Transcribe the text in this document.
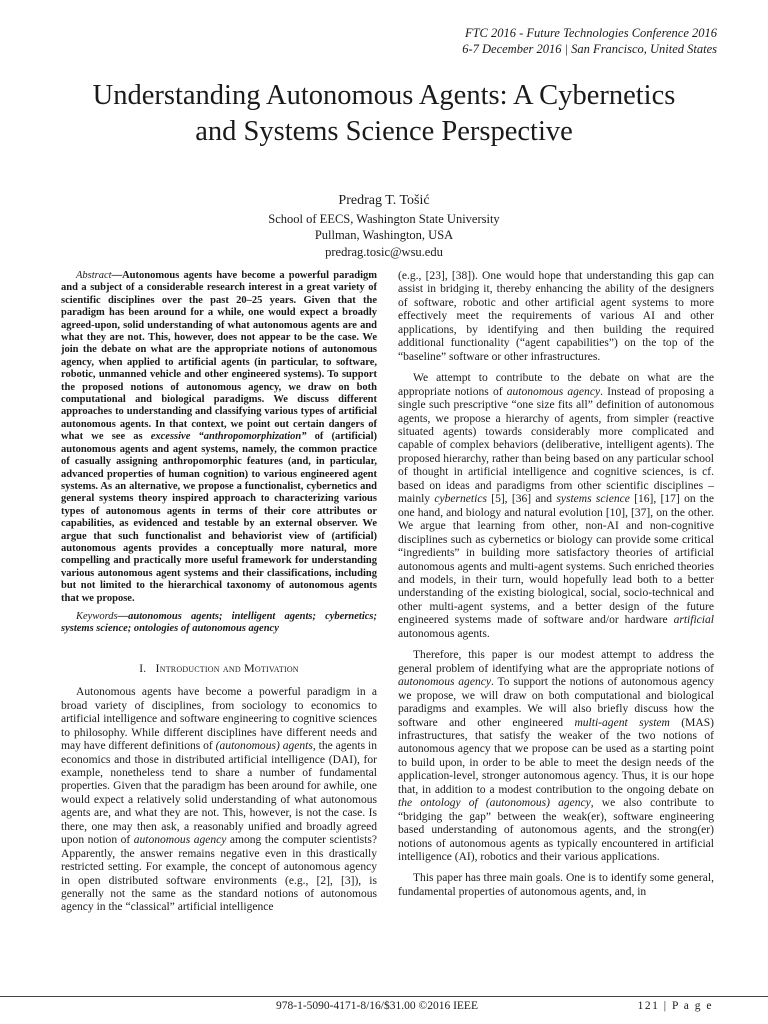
FTC 2016 - Future Technologies Conference 2016
6-7 December 2016 | San Francisco, United States
Understanding Autonomous Agents: A Cybernetics
and Systems Science Perspective
Predrag T. Tošić
School of EECS, Washington State University
Pullman, Washington, USA
predrag.tosic@wsu.edu

Abstract—Autonomous agents have become a powerful paradigm and a subject of a considerable research interest in a great variety of scientific disciplines over the past 20–25 years. Given that the paradigm has been around for a while, one would expect a broadly agreed-upon, solid understanding of what autonomous agents are and what they are not. This, however, does not appear to be the case. We join the debate on what are the appropriate notions of autonomous agency, when applied to artificial agents (in particular, to software, robotic, unmanned vehicle and other engineered systems). To support the proposed notions of autonomous agency, we draw on both computational and biological paradigms. We discuss different approaches to understanding and classifying various types of artificial autonomous agents. In that context, we point out certain dangers of what we see as excessive “anthropomorphization” of (artificial) autonomous agents and agent systems, namely, the common practice of casually assigning anthropomorphic features (and, in particular, advanced properties of human cognition) to various engineered agent systems. As an alternative, we propose a functionalist, cybernetics and general systems theory inspired approach to characterizing various types of autonomous agents in terms of their core attributes or capabilities, as evidenced and testable by an external observer. We argue that such functionalist and behaviorist view of (artificial) autonomous agents provides a conceptually more natural, more compelling and practically more useful framework for understanding various autonomous agent systems and their classifications, including but not limited to the hierarchical taxonomy of autonomous agents that we propose.

Keywords—autonomous agents; intelligent agents; cybernetics; systems science; ontologies of autonomous agency

I. Introduction and Motivation

Autonomous agents have become a powerful paradigm in a broad variety of disciplines, from sociology to economics to artificial intelligence and software engineering to cognitive sciences to philosophy. While different disciplines have different needs and may have different definitions of (autonomous) agents, the agents in economics and those in distributed artificial intelligence (DAI), for example, nonetheless tend to share a number of fundamental properties. Given that the paradigm has been around for awhile, one would expect a relatively solid understanding of what autonomous agents are, and what they are not. This, however, is not the case. Is there, one may then ask, a reasonably unified and broadly agreed upon notion of autonomous agency among the computer scientists? Apparently, the answer remains negative even in this drastically restricted setting. For example, the concept of autonomous agency in open distributed software environments (e.g., [2], [3]), is generally not the same as the standard notions of autonomous agency in the “classical” artificial intelligence

(e.g., [23], [38]). One would hope that understanding this gap can assist in bridging it, thereby enhancing the ability of the designers of software, robotic and other artificial agent systems to more effectively meet the requirements of various AI and other applications, by identifying and then building the required additional functionality (“agent capabilities”) on the top of the “baseline” software or other infrastructures.

We attempt to contribute to the debate on what are the appropriate notions of autonomous agency. Instead of proposing a single such prescriptive “one size fits all” definition of autonomous agents, we propose a hierarchy of agents, from simpler (reactive situated agents) towards considerably more complicated and capable of complex behaviors (deliberative, intelligent agents). The proposed hierarchy, rather than being based on any particular school of thought in artificial intelligence and cognitive sciences, is cf. based on ideas and paradigms from other scientific disciplines – mainly cybernetics [5], [36] and systems science [16], [17] on the one hand, and biology and natural evolution [10], [37], on the other. We argue that learning from other, non-AI and non-cognitive disciplines such as cybernetics or biology can provide some critical “ingredients” in building more satisfactory theories of artificial autonomous agents and multi-agent systems. Such enriched theories and models, in their turn, would hopefully lead both to a better understanding of the existing biological, social, socio-technical and other multi-agent systems, and a better design of the future engineered systems made of software and/or hardware artificial autonomous agents.

Therefore, this paper is our modest attempt to address the general problem of identifying what are the appropriate notions of autonomous agency. To support the notions of autonomous agency we propose, we will draw on both computational and biological paradigms and examples. We will also briefly discuss how the software and other engineered multi-agent system (MAS) infrastructures, that satisfy the weaker of the two notions of autonomous agency that we propose can be used as a starting point to build upon, in order to be able to meet the design needs of the application-level, stronger autonomous agency. Thus, it is our hope that, in addition to a modest contribution to the ongoing debate on the ontology of (autonomous) agency, we also contribute to “bridging the gap” between the weak(er), software engineering based understanding of autonomous agents, and the strong(er) notions of autonomous agents as typically encountered in artificial intelligence (AI), robotics and their various applications.

This paper has three main goals. One is to identify some general, fundamental properties of autonomous agents, and, in

978-1-5090-4171-8/16/$31.00 ©2016 IEEE	121 | P a g e
